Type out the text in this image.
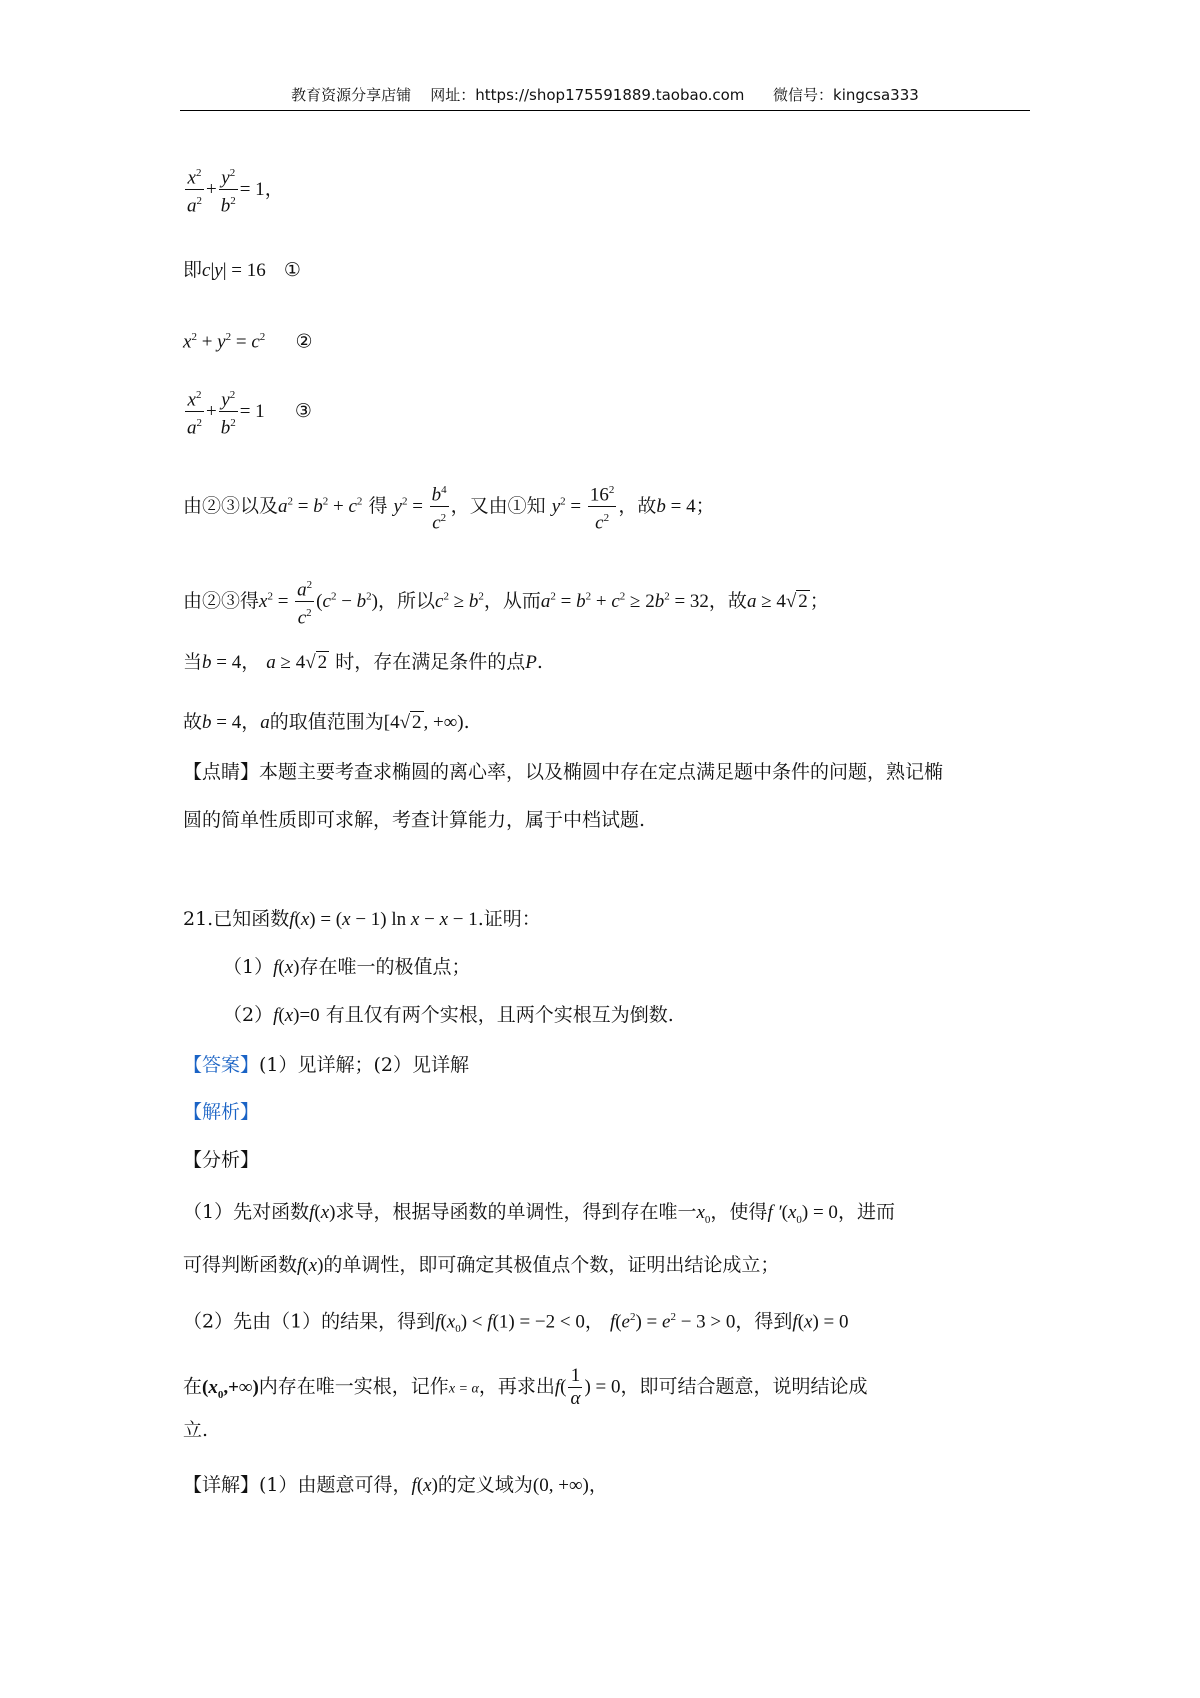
教育资源分享店铺 网址：https://shop175591889.taobao.com 微信号：kingcsa333
$\frac{x^2}{a^2} + \frac{y^2}{b^2} = 1$，
即c|y| = 16 ①
$x^2 + y^2 = c^2$ ②
$\frac{x^2}{a^2} + \frac{y^2}{b^2} = 1$ ③
由②③以及$a^2 = b^2 + c^2$ 得 $y^2 = \frac{b^4}{c^2}$ ，又由①知 $y^2 = \frac{16^2}{c^2}$ ，故b = 4；
由②③得$x^2 = \frac{a^2}{c^2} (c^2 - b^2)$，所以$c^2 \ge b^2$，从而$a^2 = b^2 + c^2 \ge 2b^2 = 32$，故a ≥ 4√ 2 ；
当b = 4， a ≥ 4√ 2 时，存在满足条件的点P.
故b = 4，a的取值范围为[4√ 2 , +∞).
【点睛】本题主要考查求椭圆的离心率，以及椭圆中存在定点满足题中条件的问题，熟记椭
圆的简单性质即可求解，考查计算能力，属于中档试题.
21.已知函数f(x) = (x − 1) ln x − x − 1.证明：
（1）f(x)存在唯一的极值点；
（2）f(x)=0 有且仅有两个实根，且两个实根互为倒数.
【答案】(1）见详解；(2）见详解
【解析】
【分析】
（1）先对函数f(x)求导，根据导函数的单调性，得到存在唯一$x_0$，使得f $'(x_0) = 0$，进而
可得判断函数f(x)的单调性，即可确定其极值点个数，证明出结论成立；
（2）先由（1）的结果，得到$f(x_0) < f(1) = -2 < 0$， $f(e^2) = e^2 - 3 > 0$，得到f(x) = 0
在$(x_0,+\infty)$内存在唯一实根，记作x = α，再求出$f( \frac{1}{\alpha}$ ) = 0，即可结合题意，说明结论成
立.
【详解】(1）由题意可得，f(x)的定义域为(0, +∞)，
